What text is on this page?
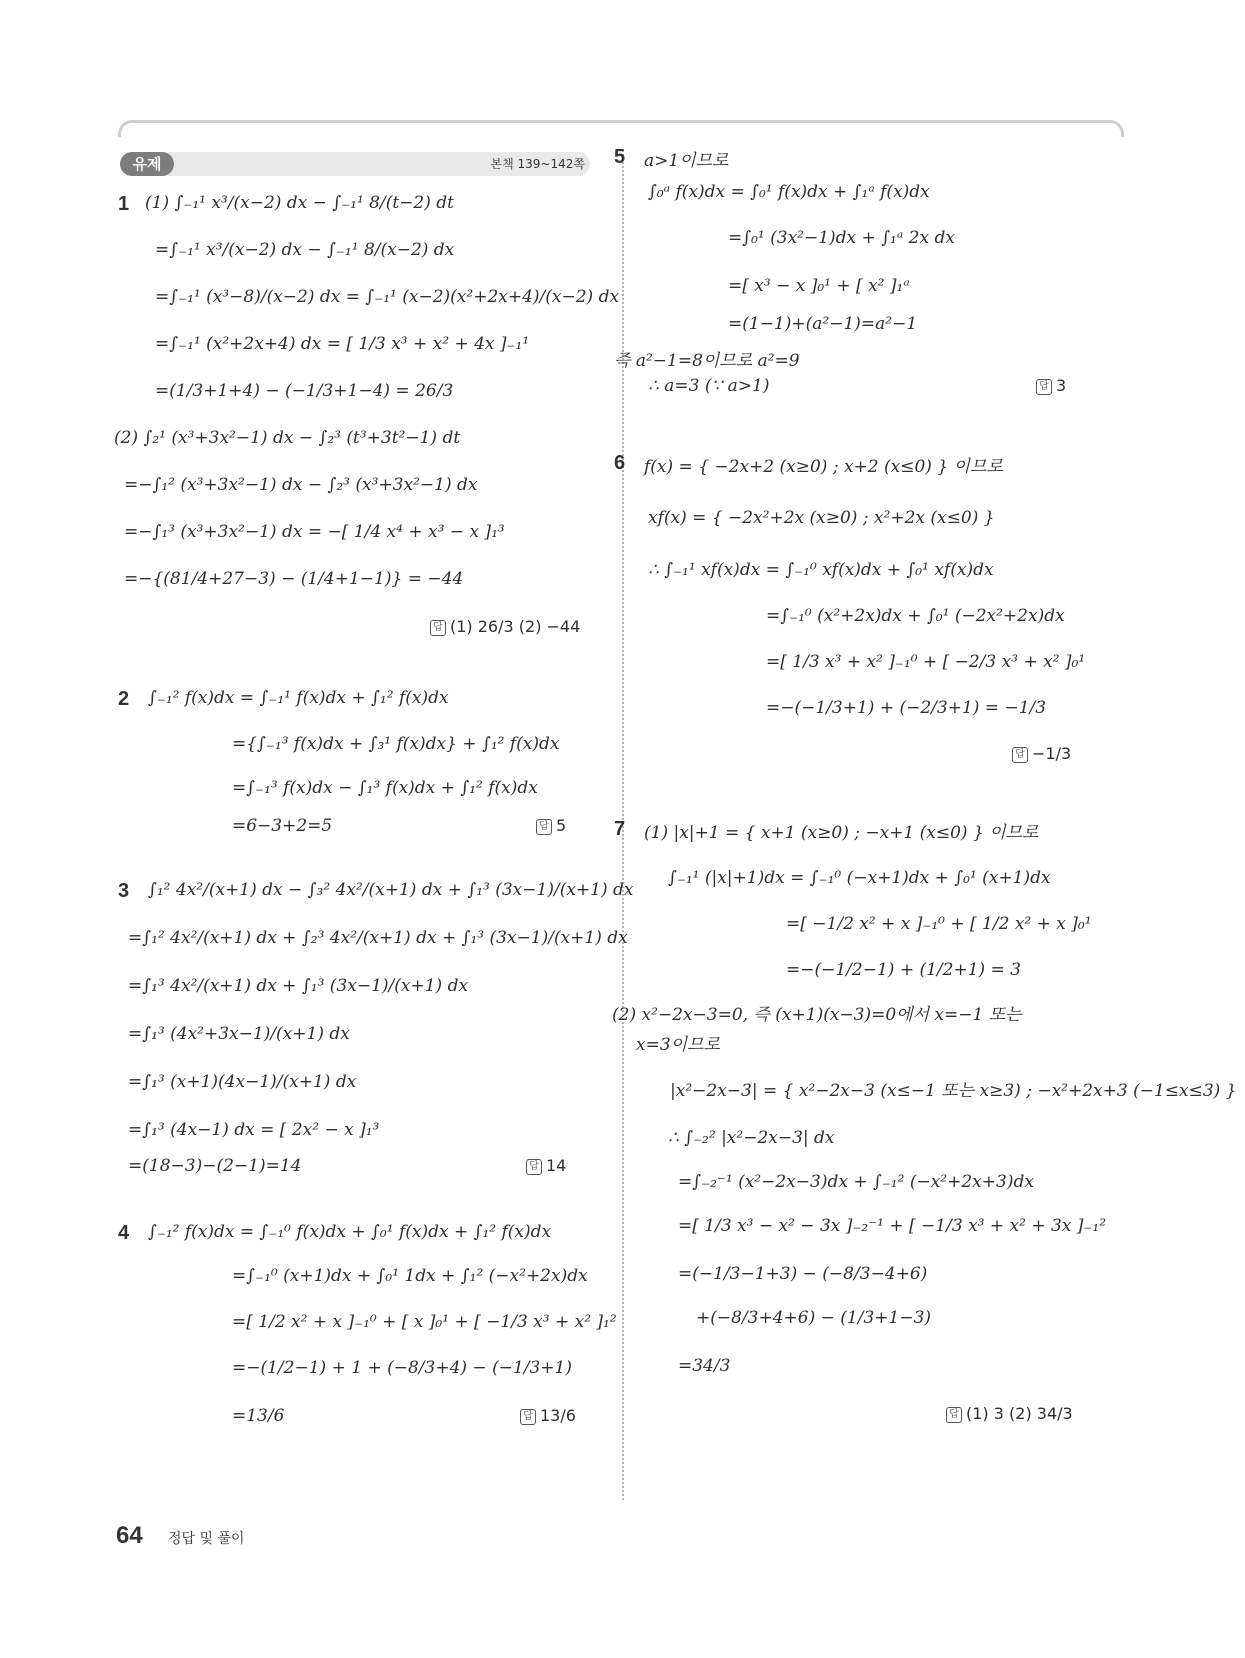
유제	본책 139~142쪽
1 (1) ∫₋₁¹ x³/(x−2) dx − ∫₋₁¹ 8/(t−2) dt
=∫₋₁¹ x³/(x−2) dx − ∫₋₁¹ 8/(x−2) dx
=∫₋₁¹ (x³−8)/(x−2) dx = ∫₋₁¹ (x−2)(x²+2x+4)/(x−2) dx
=∫₋₁¹ (x²+2x+4) dx = [ 1/3 x³ + x² + 4x ]₋₁¹
=(1/3+1+4) − (−1/3+1−4) = 26/3
(2) ∫₂¹ (x³+3x²−1) dx − ∫₂³ (t³+3t²−1) dt
=−∫₁² (x³+3x²−1) dx − ∫₂³ (x³+3x²−1) dx
=−∫₁³ (x³+3x²−1) dx = −[ 1/4 x⁴ + x³ − x ]₁³
=−{(81/4+27−3) − (1/4+1−1)} = −44
답 (1) 26/3 (2) −44
2 ∫₋₁² f(x)dx = ∫₋₁¹ f(x)dx + ∫₁² f(x)dx
={∫₋₁³ f(x)dx + ∫₃¹ f(x)dx} + ∫₁² f(x)dx
=∫₋₁³ f(x)dx − ∫₁³ f(x)dx + ∫₁² f(x)dx
=6−3+2=5	답 5
3 ∫₁² 4x²/(x+1) dx − ∫₃² 4x²/(x+1) dx + ∫₁³ (3x−1)/(x+1) dx
=∫₁² 4x²/(x+1) dx + ∫₂³ 4x²/(x+1) dx + ∫₁³ (3x−1)/(x+1) dx
=∫₁³ 4x²/(x+1) dx + ∫₁³ (3x−1)/(x+1) dx
=∫₁³ (4x²+3x−1)/(x+1) dx
=∫₁³ (x+1)(4x−1)/(x+1) dx
=∫₁³ (4x−1) dx = [ 2x² − x ]₁³
=(18−3)−(2−1)=14	답 14
4 ∫₋₁² f(x)dx = ∫₋₁⁰ f(x)dx + ∫₀¹ f(x)dx + ∫₁² f(x)dx
=∫₋₁⁰ (x+1)dx + ∫₀¹ 1dx + ∫₁² (−x²+2x)dx
=[ 1/2 x² + x ]₋₁⁰ + [ x ]₀¹ + [ −1/3 x³ + x² ]₁²
=−(1/2−1) + 1 + (−8/3+4) − (−1/3+1)
=13/6	답 13/6
5 a>1이므로
∫₀ᵃ f(x)dx = ∫₀¹ f(x)dx + ∫₁ᵃ f(x)dx
=∫₀¹ (3x²−1)dx + ∫₁ᵃ 2x dx
=[ x³ − x ]₀¹ + [ x² ]₁ᵃ
=(1−1)+(a²−1)=a²−1
즉 a²−1=8이므로 a²=9
∴ a=3 (∵ a>1)	답 3
6 f(x) = { −2x+2 (x≥0) ; x+2 (x≤0) } 이므로
xf(x) = { −2x²+2x (x≥0) ; x²+2x (x≤0) }
∴ ∫₋₁¹ xf(x)dx = ∫₋₁⁰ xf(x)dx + ∫₀¹ xf(x)dx
=∫₋₁⁰ (x²+2x)dx + ∫₀¹ (−2x²+2x)dx
=[ 1/3 x³ + x² ]₋₁⁰ + [ −2/3 x³ + x² ]₀¹
=−(−1/3+1) + (−2/3+1) = −1/3
답 −1/3
7 (1) |x|+1 = { x+1 (x≥0) ; −x+1 (x≤0) } 이므로
∫₋₁¹ (|x|+1)dx = ∫₋₁⁰ (−x+1)dx + ∫₀¹ (x+1)dx
=[ −1/2 x² + x ]₋₁⁰ + [ 1/2 x² + x ]₀¹
=−(−1/2−1) + (1/2+1) = 3
(2) x²−2x−3=0, 즉 (x+1)(x−3)=0에서 x=−1 또는
x=3이므로
|x²−2x−3| = { x²−2x−3 (x≤−1 또는 x≥3) ; −x²+2x+3 (−1≤x≤3) }
∴ ∫₋₂² |x²−2x−3| dx
=∫₋₂⁻¹ (x²−2x−3)dx + ∫₋₁² (−x²+2x+3)dx
=[ 1/3 x³ − x² − 3x ]₋₂⁻¹ + [ −1/3 x³ + x² + 3x ]₋₁²
=(−1/3−1+3) − (−8/3−4+6)
+(−8/3+4+6) − (1/3+1−3)
=34/3
답 (1) 3 (2) 34/3
64 정답 및 풀이
